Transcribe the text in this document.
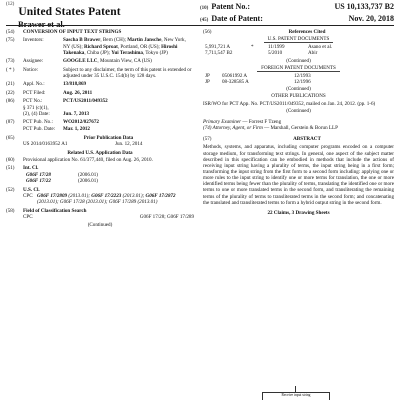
$^{(12)}$ United States Patent
Brawer et al.
(10) Patent No.:	US 10,133,737 B2
(45) Date of Patent:	Nov. 20, 2018
(54)	CONVERSION OF INPUT TEXT STRINGS
(75)	Inventors:	Sascha B Brawer, Bern (CH); Martin Jansche, New York, NY (US); Richard Sproat, Portland, OR (US); Hiroshi Takenaka, Chiba (JP); Yui Terashima, Tokyo (JP)
(73)	Assignee:	GOOGLE LLC, Mountain View, CA (US)
( * )	Notice:	Subject to any disclaimer, the term of this patent is extended or adjusted under 35 U.S.C. 154(b) by 128 days.
(21)	Appl. No.:	13/818,869
(22)	PCT Filed:	Aug. 26, 2011
(86)	PCT No.:	PCT/US2011/049352
§ 371 (c)(1),
(2), (4) Date:	Jun. 7, 2013
(87)	PCT Pub. No.:	WO2012/027672
PCT Pub. Date:	Mar. 1, 2012
(65)	Prior Publication Data
US 2014/0163952 A1	Jun. 12, 2014
Related U.S. Application Data
(60)	Provisional application No. 61/377,440, filed on Aug. 26, 2010.
(51)	Int. Cl.
G06F 17/28	(2006.01)
G06F 17/22	(2006.01)
(52)	U.S. Cl.
CPC G06F 17/2809 (2013.01); G06F 17/2223 (2013.01); G06F 17/2872 (2013.01); G06F 17/28 (2013.01); G06F 17/289 (2013.01)
(58)	Field of Classification Search
CPC	G06F 17/28; G06F 17/289
(Continued)
(56)	References Cited
U.S. PATENT DOCUMENTS
5,991,721 A	*	11/1999	Asano et al.
7,711,547 B2	5/2010	Abir
(Continued)
FOREIGN PATENT DOCUMENTS
JP	05061992 A	12/1993
JP	08-328585 A	12/1996
(Continued)
OTHER PUBLICATIONS
ISR/WO for PCT App. No. PCT/US2011/049352, mailed on Jan. 24, 2012. (pp. 1-6)
(Continued)
Primary Examiner — Forrest F Tzeng
(74) Attorney, Agent, or Firm — Marshall, Gerstein & Borun LLP
(57)	ABSTRACT
Methods, systems, and apparatus, including computer programs encoded on a computer storage medium, for transforming text strings. In general, one aspect of the subject matter described in this specification can be embodied in methods that include the actions of receiving input string having a plurality of terms, the input string being in a first form; transforming the input string from the first form to a second form including: applying one or more rules to the input string to identify one or more terms for translation, the one or more identified terms being fewer than the plurality of terms, translating the identified one or more terms to one or more translated terms in the second form, and transliterating the remaining terms of the plurality of terms to transliterated terms in the second form; and concatenating the translated and transliterated terms to form a hybrid output string in the second form.
22 Claims, 3 Drawing Sheets
Receive input string
